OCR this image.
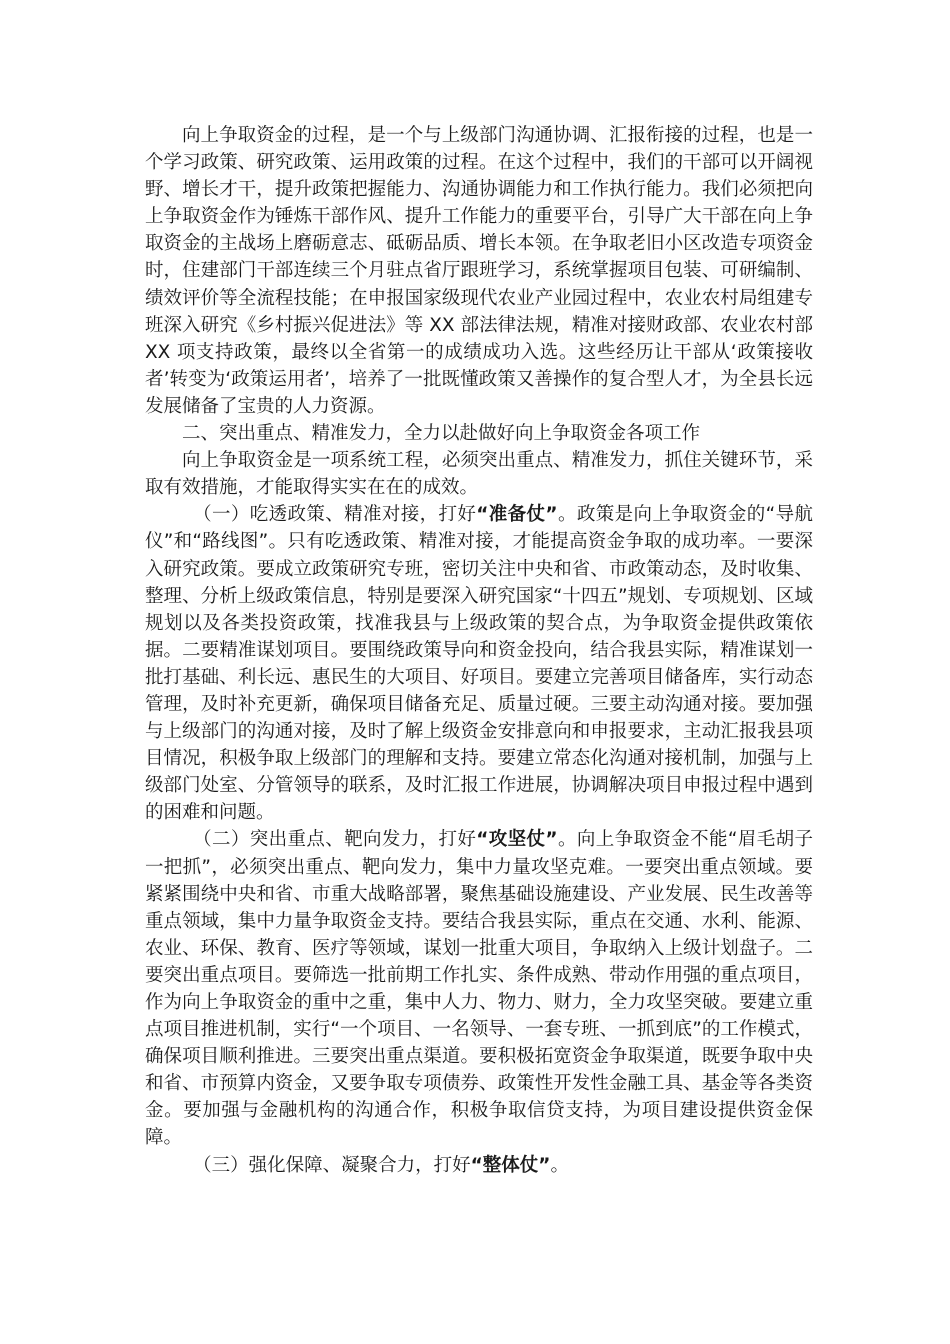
向上争取资金的过程，是一个与上级部门沟通协调、汇报衔接的过程，也是一个学习政策、研究政策、运用政策的过程。在这个过程中，我们的干部可以开阔视野、增长才干，提升政策把握能力、沟通协调能力和工作执行能力。我们必须把向上争取资金作为锤炼干部作风、提升工作能力的重要平台，引导广大干部在向上争取资金的主战场上磨砺意志、砥砺品质、增长本领。在争取老旧小区改造专项资金时，住建部门干部连续三个月驻点省厅跟班学习，系统掌握项目包装、可研编制、绩效评价等全流程技能；在申报国家级现代农业产业园过程中，农业农村局组建专班深入研究《乡村振兴促进法》等 XX 部法律法规，精准对接财政部、农业农村部 XX 项支持政策，最终以全省第一的成绩成功入选。这些经历让干部从‘政策接收者’转变为‘政策运用者’，培养了一批既懂政策又善操作的复合型人才，为全县长远发展储备了宝贵的人力资源。

二、突出重点、精准发力，全力以赴做好向上争取资金各项工作

向上争取资金是一项系统工程，必须突出重点、精准发力，抓住关键环节，采取有效措施，才能取得实实在在的成效。

（一）吃透政策、精准对接，打好“准备仗”。政策是向上争取资金的“导航仪”和“路线图”。只有吃透政策、精准对接，才能提高资金争取的成功率。一要深入研究政策。要成立政策研究专班，密切关注中央和省、市政策动态，及时收集、整理、分析上级政策信息，特别是要深入研究国家“十四五”规划、专项规划、区域规划以及各类投资政策，找准我县与上级政策的契合点，为争取资金提供政策依据。二要精准谋划项目。要围绕政策导向和资金投向，结合我县实际，精准谋划一批打基础、利长远、惠民生的大项目、好项目。要建立完善项目储备库，实行动态管理，及时补充更新，确保项目储备充足、质量过硬。三要主动沟通对接。要加强与上级部门的沟通对接，及时了解上级资金安排意向和申报要求，主动汇报我县项目情况，积极争取上级部门的理解和支持。要建立常态化沟通对接机制，加强与上级部门处室、分管领导的联系，及时汇报工作进展，协调解决项目申报过程中遇到的困难和问题。

（二）突出重点、靶向发力，打好“攻坚仗”。向上争取资金不能“眉毛胡子一把抓”，必须突出重点、靶向发力，集中力量攻坚克难。一要突出重点领域。要紧紧围绕中央和省、市重大战略部署，聚焦基础设施建设、产业发展、民生改善等重点领域，集中力量争取资金支持。要结合我县实际，重点在交通、水利、能源、农业、环保、教育、医疗等领域，谋划一批重大项目，争取纳入上级计划盘子。二要突出重点项目。要筛选一批前期工作扎实、条件成熟、带动作用强的重点项目，作为向上争取资金的重中之重，集中人力、物力、财力，全力攻坚突破。要建立重点项目推进机制，实行“一个项目、一名领导、一套专班、一抓到底”的工作模式，确保项目顺利推进。三要突出重点渠道。要积极拓宽资金争取渠道，既要争取中央和省、市预算内资金，又要争取专项债券、政策性开发性金融工具、基金等各类资金。要加强与金融机构的沟通合作，积极争取信贷支持，为项目建设提供资金保障。

（三）强化保障、凝聚合力，打好“整体仗”。
